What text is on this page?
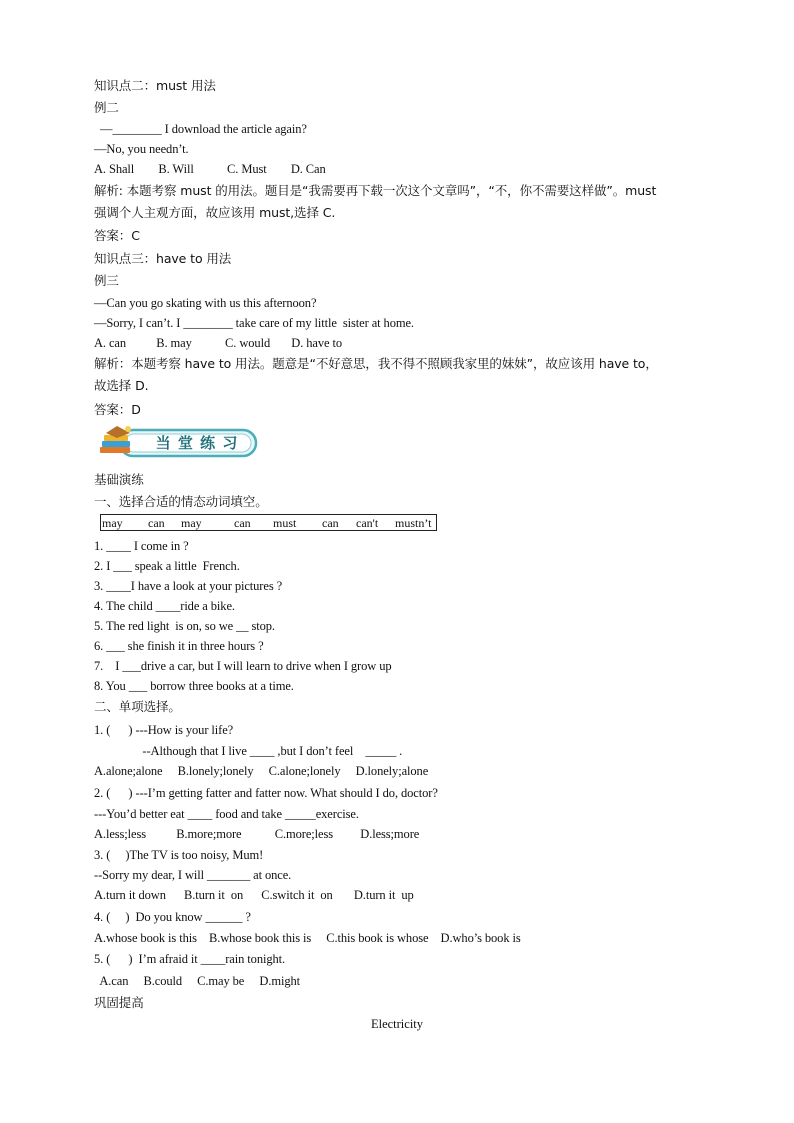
知识点二：must 用法
例二
—________ I download the article again?
—No, you needn’t.
A. Shall        B. Will           C. Must        D. Can
解析: 本题考察 must 的用法。题目是“我需要再下载一次这个文章吗”，“不，你不需要这样做”。must
强调个人主观方面，故应该用 must,选择 C.
答案：C
知识点三：have to 用法
例三
—Can you go skating with us this afternoon?
—Sorry, I can’t. I ________ take care of my little  sister at home.
A. can          B. may           C. would       D. have to
解析：本题考察 have to 用法。题意是“不好意思，我不得不照顾我家里的妹妹”，故应该用 have to，
故选择 D.
答案：D
当 堂 练 习
基础演练
一、选择合适的情态动词填空。

may

can

may

	can

must

can

can't

mustn’t

1. ____ I come in ?
2. I ___ speak a little  French.
3. ____I have a look at your pictures ?
4. The child ____ride a bike.
5. The red light  is on, so we __ stop.
6. ___ she finish it in three hours ?
7.    I ___drive a car, but I will learn to drive when I grow up
8. You ___ borrow three books at a time.
二、单项选择。
1. (      ) ---How is your life?
--Although that I live ____ ,but I don’t feel    _____ .
A.alone;alone     B.lonely;lonely     C.alone;lonely     D.lonely;alone
2. (      ) ---I’m getting fatter and fatter now. What should I do, doctor?
---You’d better eat ____ food and take _____exercise.
A.less;less          B.more;more           C.more;less         D.less;more
3. (     )The TV is too noisy, Mum!
--Sorry my dear, I will _______ at once.
A.turn it down      B.turn it  on      C.switch it  on       D.turn it  up
4. (     )  Do you know ______ ?
A.whose book is this    B.whose book this is     C.this book is whose    D.who’s book is
5. (      )  I’m afraid it ____rain tonight.
A.can     B.could     C.may be     D.might
巩固提高
Electricity
